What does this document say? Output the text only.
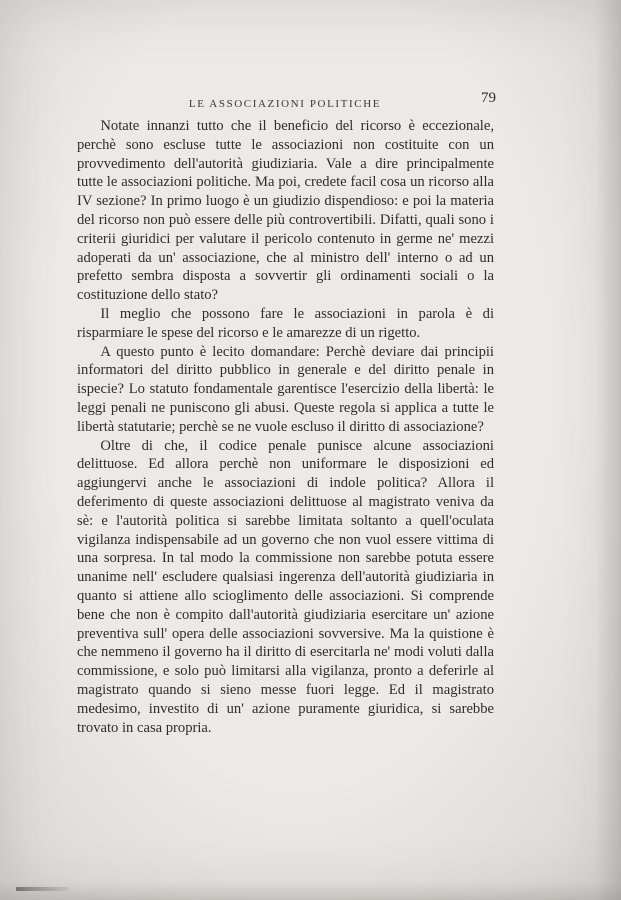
LE ASSOCIAZIONI POLITICHE	79

Notate innanzi tutto che il beneficio del ricorso è eccezionale, perchè sono escluse tutte le associazioni non costituite con un provvedimento dell'autorità giudiziaria. Vale a dire principalmente tutte le associazioni politiche. Ma poi, credete facil cosa un ricorso alla IV sezione? In primo luogo è un giudizio dispendioso: e poi la materia del ricorso non può essere delle più controvertibili. Difatti, quali sono i criterii giuridici per valutare il pericolo contenuto in germe ne' mezzi adoperati da un' associazione, che al ministro dell' interno o ad un prefetto sembra disposta a sovvertir gli ordinamenti sociali o la costituzione dello stato?

Il meglio che possono fare le associazioni in parola è di risparmiare le spese del ricorso e le amarezze di un rigetto.

A questo punto è lecito domandare: Perchè deviare dai principii informatori del diritto pubblico in generale e del diritto penale in ispecie? Lo statuto fondamentale garentisce l'esercizio della libertà: le leggi penali ne puniscono gli abusi. Queste regola si applica a tutte le libertà statutarie; perchè se ne vuole escluso il diritto di associazione?

Oltre di che, il codice penale punisce alcune associazioni delittuose. Ed allora perchè non uniformare le disposizioni ed aggiungervi anche le associazioni di indole politica? Allora il deferimento di queste associazioni delittuose al magistrato veniva da sè: e l'autorità politica si sarebbe limitata soltanto a quell'oculata vigilanza indispensabile ad un governo che non vuol essere vittima di una sorpresa. In tal modo la commissione non sarebbe potuta essere unanime nell' escludere qualsiasi ingerenza dell'autorità giudiziaria in quanto si attiene allo scioglimento delle associazioni. Si comprende bene che non è compito dall'autorità giudiziaria esercitare un' azione preventiva sull' opera delle associazioni sovversive. Ma la quistione è che nemmeno il governo ha il diritto di esercitarla ne' modi voluti dalla commissione, e solo può limitarsi alla vigilanza, pronto a deferirle al magistrato quando si sieno messe fuori legge. Ed il magistrato medesimo, investito di un' azione puramente giuridica, si sarebbe trovato in casa propria.
